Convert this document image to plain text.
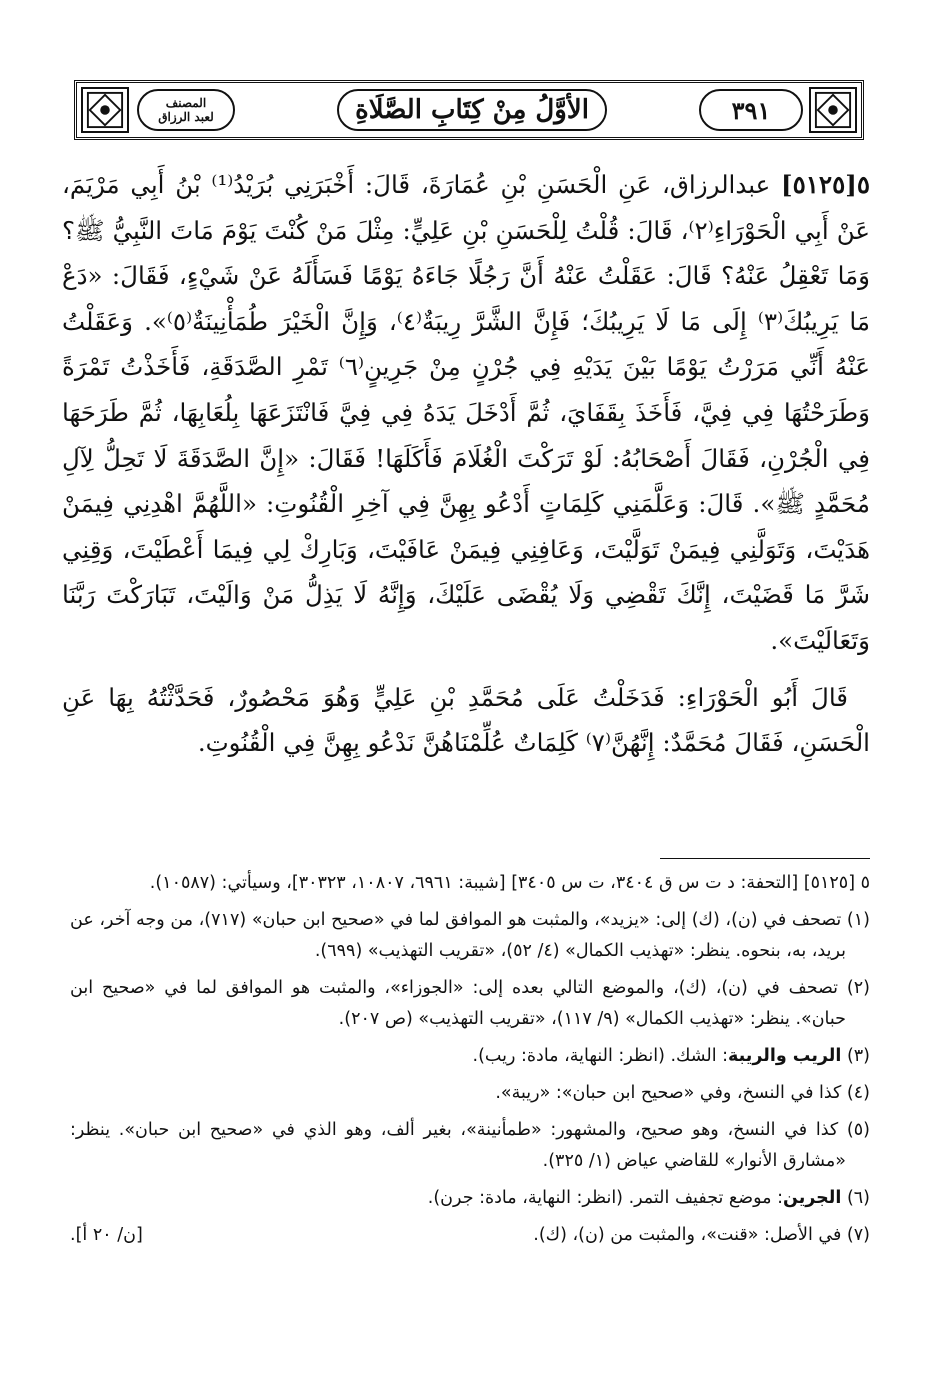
المصنف
لعبد الرزاق	الأوَّلُ مِنْ كِتَابِ الصَّلَاةِ	٣٩١

٥[٥١٢٥] عبدالرزاق، عَنِ الْحَسَنِ بْنِ عُمَارَةَ، قَالَ: أَخْبَرَنِي بُرَيْدُ⁽¹⁾ بْنُ أَبِي مَرْيَمَ، عَنْ أَبِي الْحَوْرَاءِ⁽٢⁾، قَالَ: قُلْتُ لِلْحَسَنِ بْنِ عَلِيٍّ: مِثْلَ مَنْ كُنْتَ يَوْمَ مَاتَ النَّبِيُّ ﷺ؟ وَمَا تَعْقِلُ عَنْهُ؟ قَالَ: عَقَلْتُ عَنْهُ أَنَّ رَجُلًا جَاءَهُ يَوْمًا فَسَأَلَهُ عَنْ شَيْءٍ، فَقَالَ: «دَعْ مَا يَرِيبُكَ⁽٣⁾ إِلَى مَا لَا يَرِيبُكَ؛ فَإِنَّ الشَّرَّ رِيبَةٌ⁽٤⁾، وَإِنَّ الْخَيْرَ طُمَأْنِينَةٌ⁽٥⁾». وَعَقَلْتُ عَنْهُ أَنِّي مَرَرْتُ يَوْمًا بَيْنَ يَدَيْهِ فِي جُرْنٍ مِنْ جَرِينٍ⁽٦⁾ تَمْرِ الصَّدَقَةِ، فَأَخَذْتُ تَمْرَةً وَطَرَحْتُهَا فِي فِيَّ، فَأَخَذَ بِقَفَايَ، ثُمَّ أَدْخَلَ يَدَهُ فِي فِيَّ فَانْتَزَعَهَا بِلُعَابِهَا، ثُمَّ طَرَحَهَا فِي الْجُرْنِ، فَقَالَ أَصْحَابُهُ: لَوْ تَرَكْتَ الْغُلَامَ فَأَكَلَهَا! فَقَالَ: «إِنَّ الصَّدَقَةَ لَا تَحِلُّ لِآلِ مُحَمَّدٍ ﷺ». قَالَ: وَعَلَّمَنِي كَلِمَاتٍ أَدْعُو بِهِنَّ فِي آخِرِ الْقُنُوتِ: «اللَّهُمَّ اهْدِنِي فِيمَنْ هَدَيْتَ، وَتَوَلَّنِي فِيمَنْ تَوَلَّيْتَ، وَعَافِنِي فِيمَنْ عَافَيْتَ، وَبَارِكْ لِي فِيمَا أَعْطَيْتَ، وَقِنِي شَرَّ مَا قَضَيْتَ، إِنَّكَ تَقْضِي وَلَا يُقْضَى عَلَيْكَ، وَإِنَّهُ لَا يَذِلُّ مَنْ وَالَيْتَ، تَبَارَكْتَ رَبَّنَا وَتَعَالَيْتَ».

قَالَ أَبُو الْحَوْرَاءِ: فَدَخَلْتُ عَلَى مُحَمَّدِ بْنِ عَلِيٍّ وَهُوَ مَحْصُورٌ، فَحَدَّثْتُهُ بِهَا عَنِ الْحَسَنِ، فَقَالَ مُحَمَّدٌ: إِنَّهُنَّ⁽٧⁾ كَلِمَاتٌ عُلِّمْنَاهُنَّ نَدْعُو بِهِنَّ فِي الْقُنُوتِ.

٥ [٥١٢٥] [التحفة: د ت س ق ٣٤٠٤، ت س ٣٤٠٥] [شيبة: ٦٩٦١، ١٠٨٠٧، ٣٠٣٢٣]، وسيأتي: (١٠٥٨٧).

(١) تصحف في (ن)، (ك) إلى: «يزيد»، والمثبت هو الموافق لما في «صحيح ابن حبان» (٧١٧)، من وجه آخر، عن بريد، به، بنحوه. ينظر: «تهذيب الكمال» (٤/ ٥٢)، «تقريب التهذيب» (٦٩٩).

(٢) تصحف في (ن)، (ك)، والموضع التالي بعده إلى: «الجوزاء»، والمثبت هو الموافق لما في «صحيح ابن حبان». ينظر: «تهذيب الكمال» (٩/ ١١٧)، «تقريب التهذيب» (ص ٢٠٧).

(٣) الريب والريبة: الشك. (انظر: النهاية، مادة: ريب).

(٤) كذا في النسخ، وفي «صحيح ابن حبان»: «ريبة».

(٥) كذا في النسخ، وهو صحيح، والمشهور: «طمأنينة»، بغير ألف، وهو الذي في «صحيح ابن حبان». ينظر: «مشارق الأنوار» للقاضي عياض (١/ ٣٢٥).

(٦) الجرين: موضع تجفيف التمر. (انظر: النهاية، مادة: جرن).

(٧) في الأصل: «قنت»، والمثبت من (ن)، (ك).
[ن/ ٢٠ أ].
